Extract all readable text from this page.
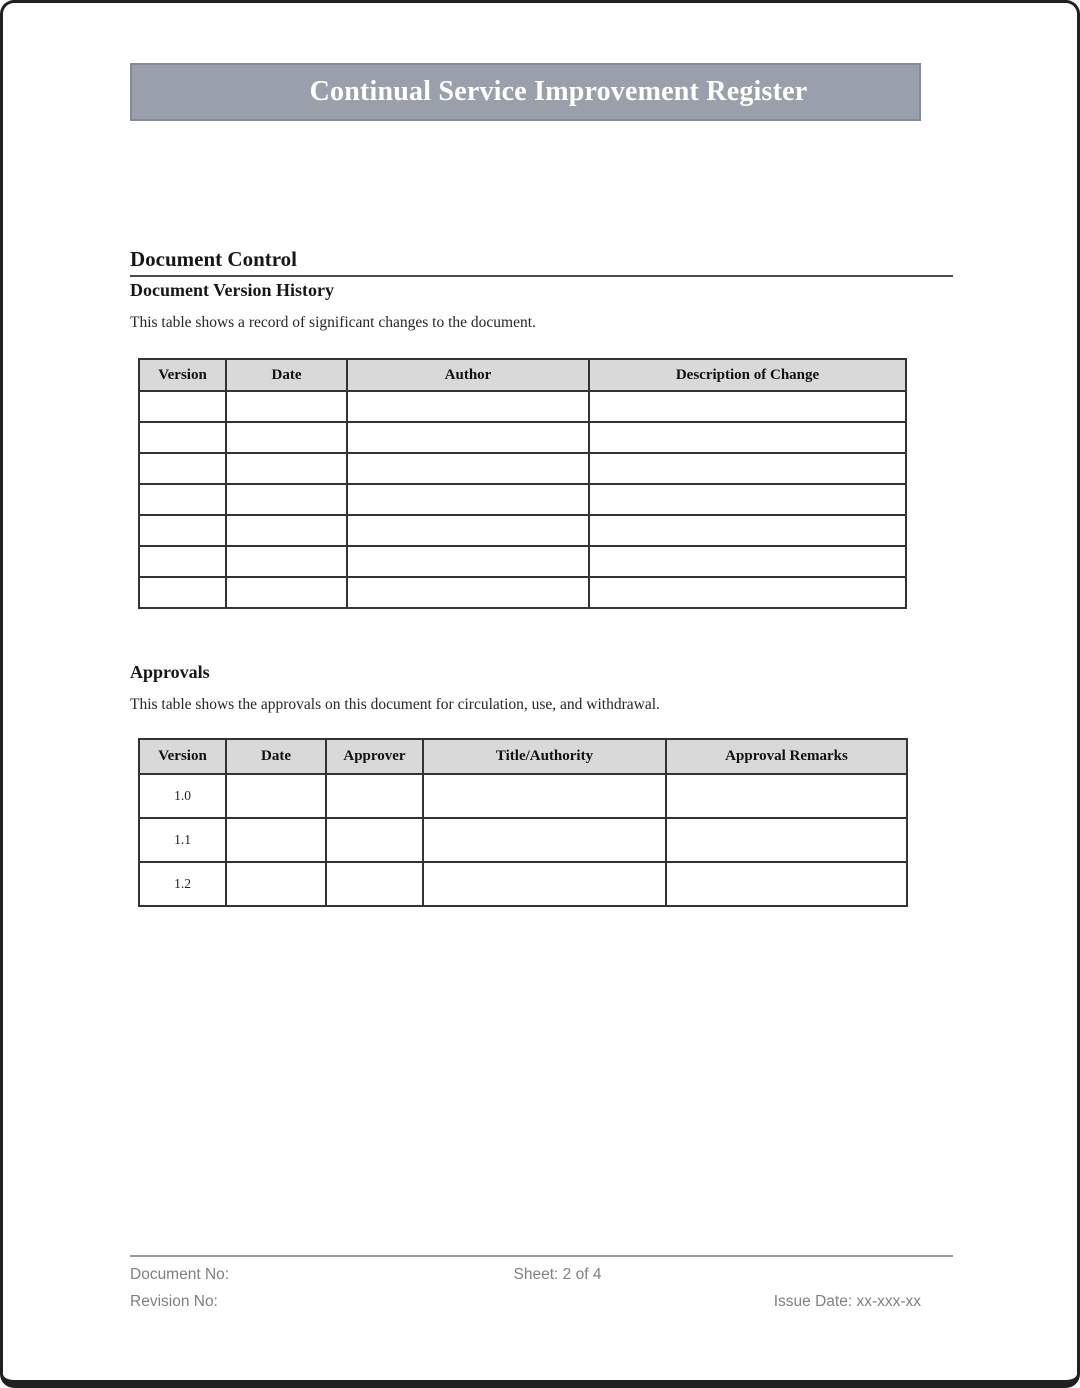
Continual Service Improvement Register
Document Control
Document Version History
This table shows a record of significant changes to the document.
Version	Date	Author	Description of Change

Approvals
This table shows the approvals on this document for circulation, use, and withdrawal.
Version	Date	Approver	Title/Authority	Approval Remarks
1.0				
1.1				
1.2				
Document No:	Sheet: 2 of 4
Revision No:	Issue Date: xx-xxx-xx
